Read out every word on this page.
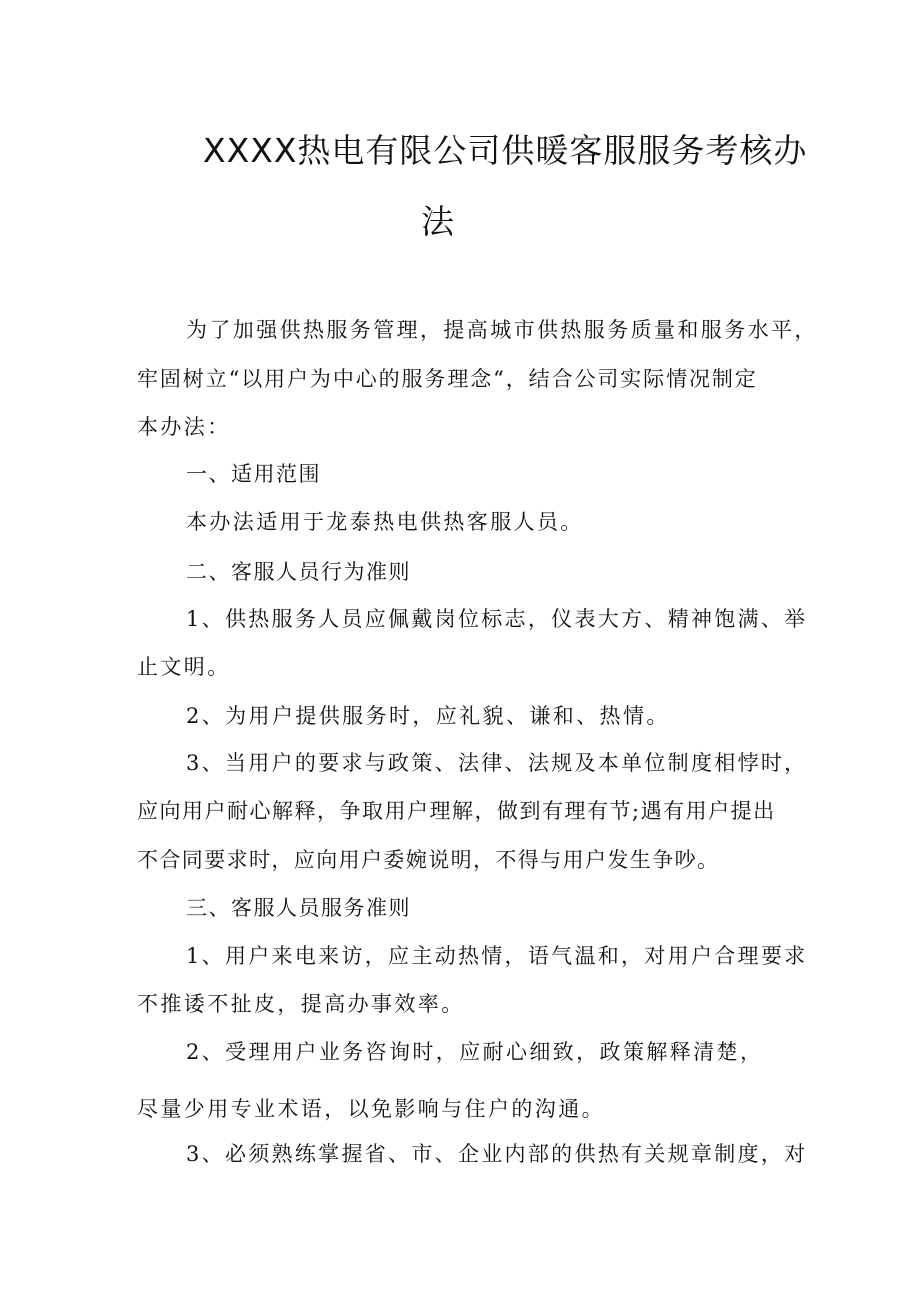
XXXX热电有限公司供暖客服服务考核办
法
为了加强供热服务管理，提高城市供热服务质量和服务水平，
牢固树立“以用户为中心的服务理念“，结合公司实际情况制定
本办法：
一、适用范围
本办法适用于龙泰热电供热客服人员。
二、客服人员行为准则
1、供热服务人员应佩戴岗位标志，仪表大方、精神饱满、举
止文明。
2、为用户提供服务时，应礼貌、谦和、热情。
3、当用户的要求与政策、法律、法规及本单位制度相悖时，
应向用户耐心解释，争取用户理解，做到有理有节;遇有用户提出
不合同要求时，应向用户委婉说明，不得与用户发生争吵。
三、客服人员服务准则
1、用户来电来访，应主动热情，语气温和，对用户合理要求
不推诿不扯皮，提高办事效率。
2、受理用户业务咨询时，应耐心细致，政策解释清楚，
尽量少用专业术语，以免影响与住户的沟通。
3、必须熟练掌握省、市、企业内部的供热有关规章制度，对
